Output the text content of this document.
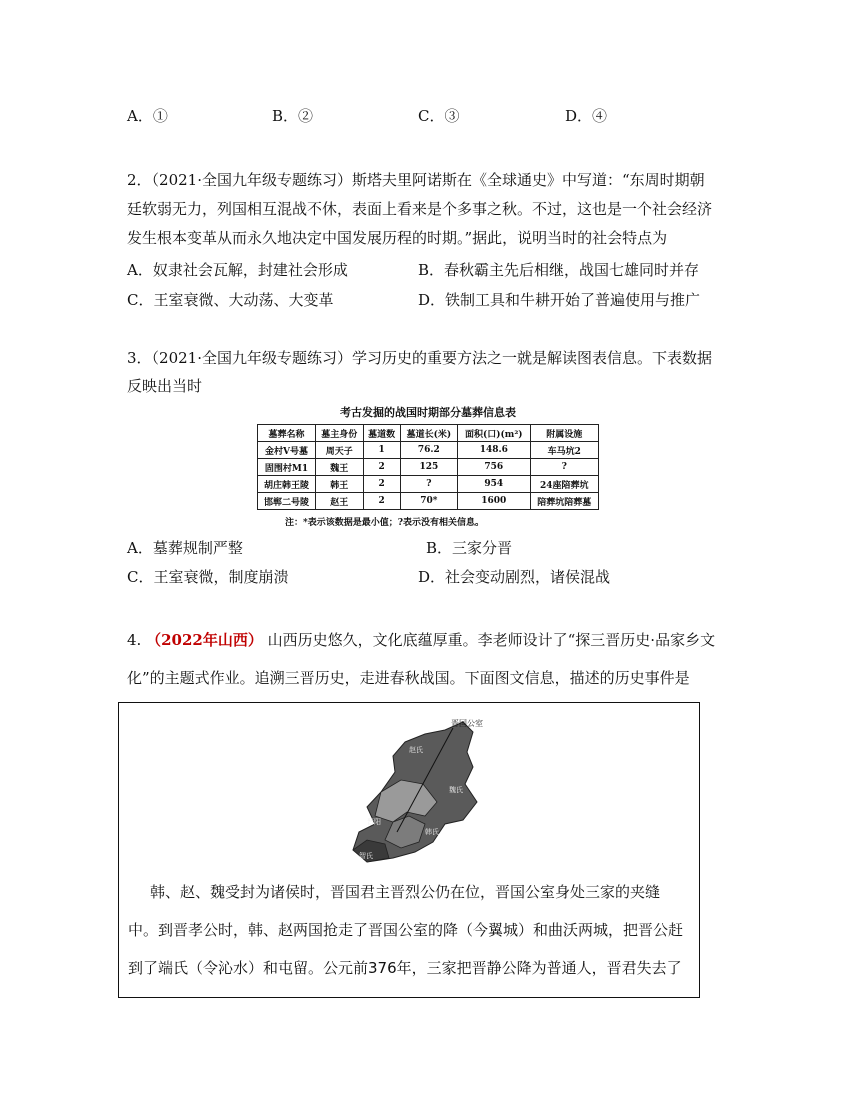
A．①	B．②	C．③	D．④
2．（2021·全国九年级专题练习）斯塔夫里阿诺斯在《全球通史》中写道：“东周时期朝
廷软弱无力，列国相互混战不休，表面上看来是个多事之秋。不过，这也是一个社会经济
发生根本变革从而永久地决定中国发展历程的时期。”据此，说明当时的社会特点为
A．奴隶社会瓦解，封建社会形成	B．春秋霸主先后相继，战国七雄同时并存
C．王室衰微、大动荡、大变革	D．铁制工具和牛耕开始了普遍使用与推广
3．（2021·全国九年级专题练习）学习历史的重要方法之一就是解读图表信息。下表数据
反映出当时
考古发掘的战国时期部分墓葬信息表
墓葬名称	墓主身份	墓道数	墓道长(米)	面积(口)(m²)	附属设施
金村V号墓	周天子	1	76.2	148.6	车马坑2
固围村M1	魏王	2	125	756	?
胡庄韩王陵	韩王	2	?	954	24座陪葬坑
邯郸二号陵	赵王	2	70*	1600	陪葬坑陪葬墓
注：*表示该数据是最小值；?表示没有相关信息。
A．墓葬规制严整	B．三家分晋
C．王室衰微，制度崩溃	D．社会变动剧烈，诸侯混战
4. （2022年山西） 山西历史悠久，文化底蕴厚重。李老师设计了“探三晋历史·品家乡文
化”的主题式作业。追溯三晋历史，走进春秋战国。下面图文信息，描述的历史事件是
晋国公室
赵氏
魏氏
晋阳
韩氏
智氏
韩、赵、魏受封为诸侯时，晋国君主晋烈公仍在位，晋国公室身处三家的夹缝
中。到晋孝公时，韩、赵两国抢走了晋国公室的降（今翼城）和曲沃两城，把晋公赶
到了端氏（令沁水）和屯留。公元前376年，三家把晋静公降为普通人，晋君失去了
